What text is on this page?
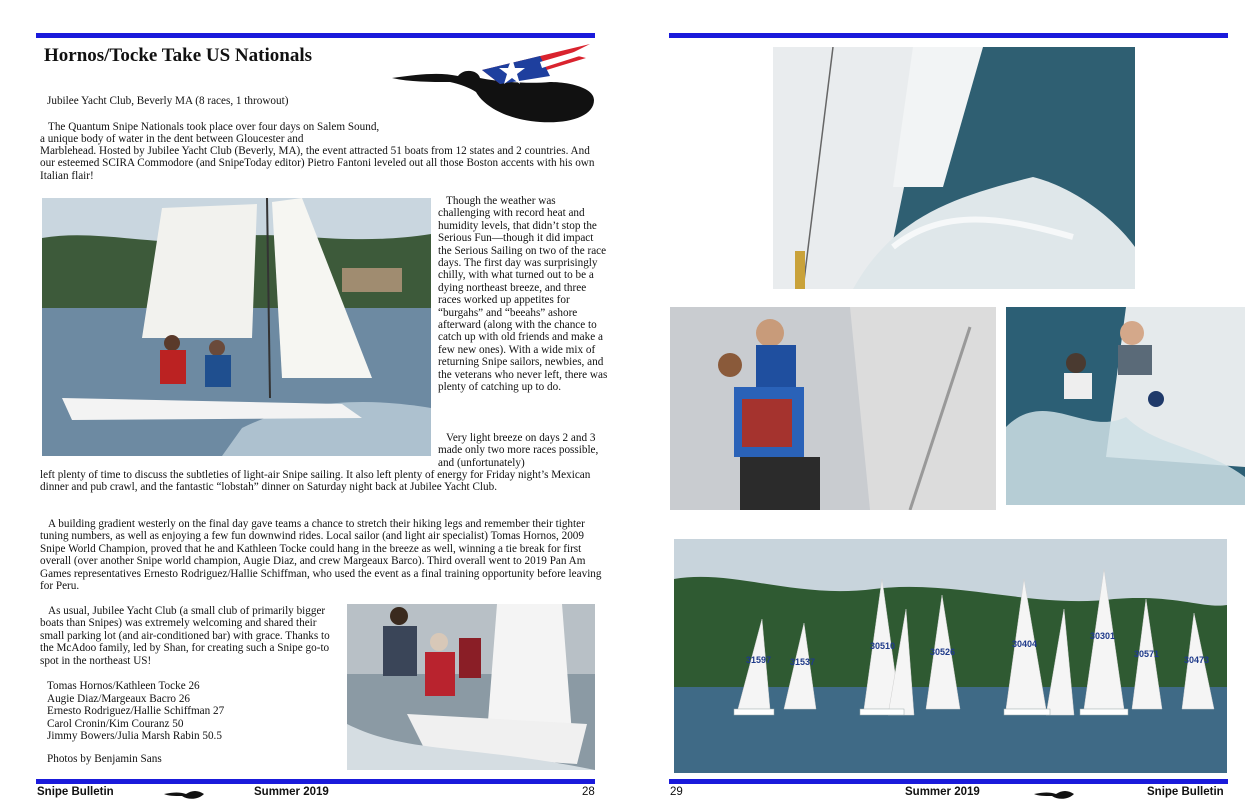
Hornos/Tocke Take US Nationals
Jubilee Yacht Club, Beverly MA (8 races, 1 throwout)

The Quantum Snipe Nationals took place over four days on Salem Sound, a unique body of water in the dent between Gloucester and

Marblehead. Hosted by Jubilee Yacht Club (Beverly, MA), the event attracted 51 boats from 12 states and 2 countries. And our esteemed SCIRA Commodore (and SnipeToday editor) Pietro Fantoni leveled out all those Boston accents with his own Italian flair!

Though the weather was challenging with record heat and humidity levels, that didn’t stop the Serious Fun—though it did impact the Serious Sailing on two of the race days. The first day was surprisingly chilly, with what turned out to be a dying northeast breeze, and three races worked up appetites for “burgahs” and “beeahs” ashore afterward (along with the chance to catch up with old friends and make a few new ones). With a wide mix of returning Snipe sailors, newbies, and the veterans who never left, there was plenty of catching up to do.

Very light breeze on days 2 and 3 made only two more races possible, and (unfortunately)

left plenty of time to discuss the subtleties of light-air Snipe sailing. It also left plenty of energy for Friday night’s Mexican dinner and pub crawl, and the fantastic “lobstah” dinner on Saturday night back at Jubilee Yacht Club.

A building gradient westerly on the final day gave teams a chance to stretch their hiking legs and remember their tighter tuning numbers, as well as enjoying a few fun downwind rides. Local sailor (and light air specialist) Tomas Hornos, 2009 Snipe World Champion, proved that he and Kathleen Tocke could hang in the breeze as well, winning a tie break for first overall (over another Snipe world champion, Augie Diaz, and crew Margeaux Barco). Third overall went to 2019 Pan Am Games representatives Ernesto Rodriguez/Hallie Schiffman, who used the event as a final training opportunity before leaving for Peru.

As usual, Jubilee Yacht Club (a small club of primarily bigger boats than Snipes) was extremely welcoming and shared their small parking lot (and air-conditioned bar) with grace. Thanks to the McAdoo family, led by Shan, for creating such a Snipe go-to spot in the northeast US!

Tomas Hornos/Kathleen Tocke 26
Augie Diaz/Margeaux Bacro 26
Ernesto Rodriguez/Hallie Schiffman 27
Carol Cronin/Kim Couranz 50
Jimmy Bowers/Julia Marsh Rabin 50.5
Photos by Benjamin Sans
Snipe Bulletin	Summer 2019	28
31597 31537
30510
30526
30404
30301
30571
30473
29	Summer 2019	Snipe Bulletin
